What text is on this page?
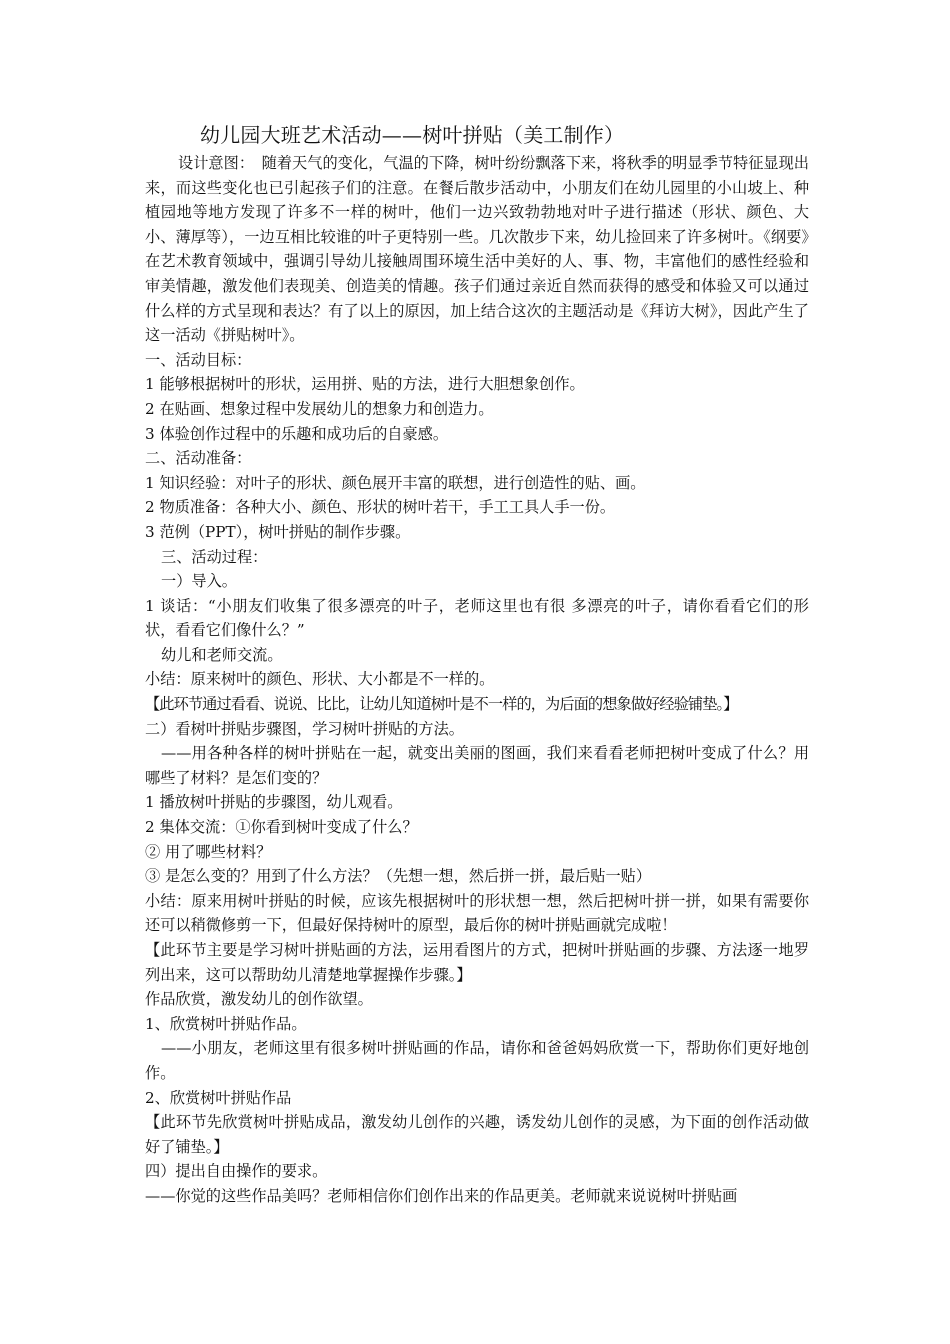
幼儿园大班艺术活动——树叶拼贴（美工制作）

设计意图：　随着天气的变化，气温的下降，树叶纷纷飘落下来，将秋季的明显季节特征显现出来，而这些变化也已引起孩子们的注意。在餐后散步活动中，小朋友们在幼儿园里的小山坡上、种植园地等地方发现了许多不一样的树叶，他们一边兴致勃勃地对叶子进行描述（形状、颜色、大小、薄厚等），一边互相比较谁的叶子更特别一些。几次散步下来，幼儿捡回来了许多树叶。《纲要》在艺术教育领域中，强调引导幼儿接触周围环境生活中美好的人、事、物，丰富他们的感性经验和审美情趣，激发他们表现美、创造美的情趣。孩子们通过亲近自然而获得的感受和体验又可以通过什么样的方式呈现和表达？有了以上的原因，加上结合这次的主题活动是《拜访大树》，因此产生了这一活动《拼贴树叶》。

一、活动目标：

1 能够根据树叶的形状，运用拼、贴的方法，进行大胆想象创作。

2 在贴画、想象过程中发展幼儿的想象力和创造力。

3 体验创作过程中的乐趣和成功后的自豪感。

二、活动准备：

1 知识经验：对叶子的形状、颜色展开丰富的联想，进行创造性的贴、画。

2 物质准备：各种大小、颜色、形状的树叶若干，手工工具人手一份。

3 范例（PPT），树叶拼贴的制作步骤。

三、活动过程：

一）导入。

1 谈话：“小朋友们收集了很多漂亮的叶子，老师这里也有很 多漂亮的叶子，请你看看它们的形状，看看它们像什么？”

幼儿和老师交流。

小结：原来树叶的颜色、形状、大小都是不一样的。

【此环节通过看看、说说、比比，让幼儿知道树叶是不一样的，为后面的想象做好经验铺垫。】

二）看树叶拼贴步骤图，学习树叶拼贴的方法。

——用各种各样的树叶拼贴在一起，就变出美丽的图画，我们来看看老师把树叶变成了什么？用哪些了材料？是怎们变的？

1 播放树叶拼贴的步骤图，幼儿观看。

2 集体交流：①你看到树叶变成了什么？

② 用了哪些材料？

③ 是怎么变的？用到了什么方法？（先想一想，然后拼一拼，最后贴一贴）

小结：原来用树叶拼贴的时候，应该先根据树叶的形状想一想，然后把树叶拼一拼，如果有需要你还可以稍微修剪一下，但最好保持树叶的原型，最后你的树叶拼贴画就完成啦！

【此环节主要是学习树叶拼贴画的方法，运用看图片的方式，把树叶拼贴画的步骤、方法逐一地罗列出来，这可以帮助幼儿清楚地掌握操作步骤。】

作品欣赏，激发幼儿的创作欲望。

1、欣赏树叶拼贴作品。

——小朋友，老师这里有很多树叶拼贴画的作品，请你和爸爸妈妈欣赏一下，帮助你们更好地创作。

2、欣赏树叶拼贴作品

【此环节先欣赏树叶拼贴成品，激发幼儿创作的兴趣，诱发幼儿创作的灵感，为下面的创作活动做好了铺垫。】

四）提出自由操作的要求。

——你觉的这些作品美吗？老师相信你们创作出来的作品更美。老师就来说说树叶拼贴画
